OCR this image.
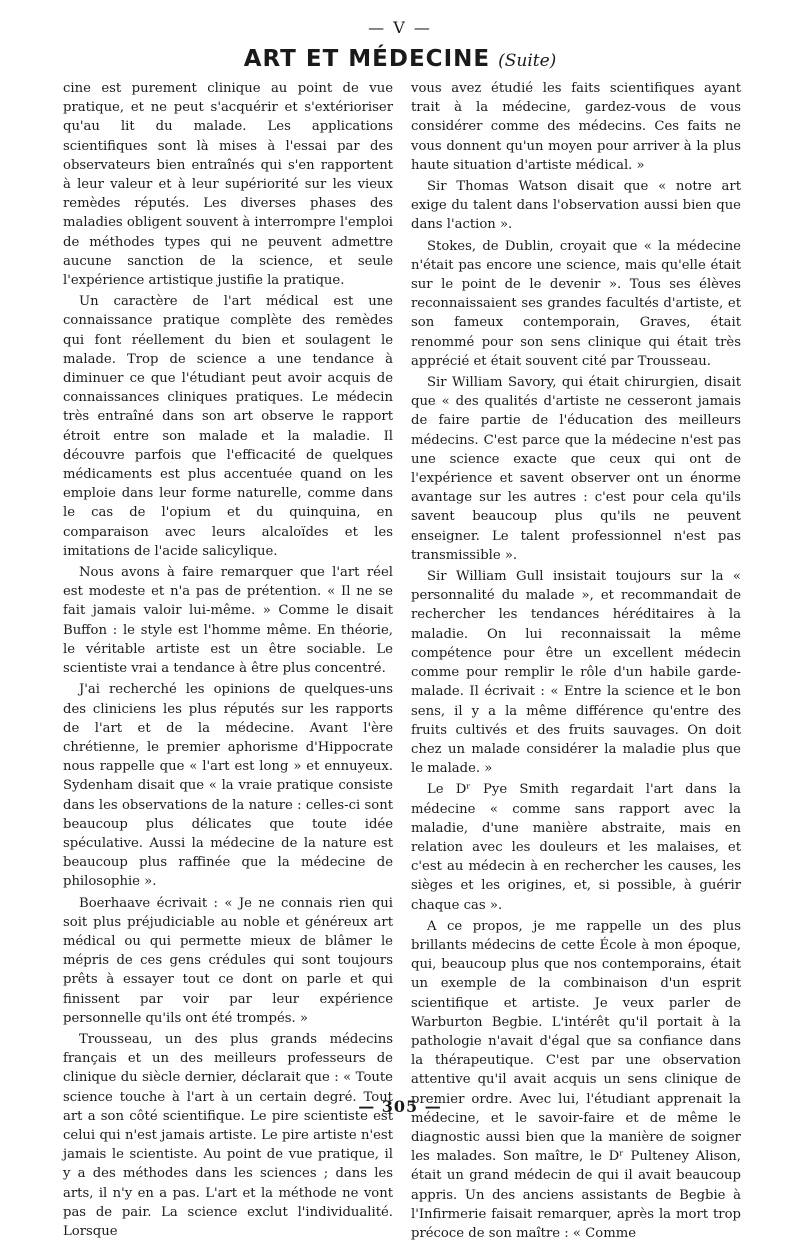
— V —
ART ET MÉDECINE (Suite)

cine est purement clinique au point de vue pratique, et ne peut s'acquérir et s'extérioriser qu'au lit du malade. Les applications scientifiques sont là mises à l'essai par des observateurs bien entraînés qui s'en rapportent à leur valeur et à leur supériorité sur les vieux remèdes réputés. Les diverses phases des maladies obligent souvent à interrompre l'emploi de méthodes types qui ne peuvent admettre aucune sanction de la science, et seule l'expérience artistique justifie la pratique.

Un caractère de l'art médical est une connaissance pratique complète des remèdes qui font réellement du bien et soulagent le malade. Trop de science a une tendance à diminuer ce que l'étudiant peut avoir acquis de connaissances cliniques pratiques. Le médecin très entraîné dans son art observe le rapport étroit entre son malade et la maladie. Il découvre parfois que l'efficacité de quelques médicaments est plus accentuée quand on les emploie dans leur forme naturelle, comme dans le cas de l'opium et du quinquina, en comparaison avec leurs alcaloïdes et les imitations de l'acide salicylique.

Nous avons à faire remarquer que l'art réel est modeste et n'a pas de prétention. « Il ne se fait jamais valoir lui-même. » Comme le disait Buffon : le style est l'homme même. En théorie, le véritable artiste est un être sociable. Le scientiste vrai a tendance à être plus concentré.

J'ai recherché les opinions de quelques-uns des cliniciens les plus réputés sur les rapports de l'art et de la médecine. Avant l'ère chrétienne, le premier aphorisme d'Hippocrate nous rappelle que « l'art est long » et ennuyeux. Sydenham disait que « la vraie pratique consiste dans les observations de la nature : celles-ci sont beaucoup plus délicates que toute idée spéculative. Aussi la médecine de la nature est beaucoup plus raffinée que la médecine de philosophie ».

Boerhaave écrivait : « Je ne connais rien qui soit plus préjudiciable au noble et généreux art médical ou qui permette mieux de blâmer le mépris de ces gens crédules qui sont toujours prêts à essayer tout ce dont on parle et qui finissent par voir par leur expérience personnelle qu'ils ont été trompés. »

Trousseau, un des plus grands médecins français et un des meilleurs professeurs de clinique du siècle dernier, déclarait que : « Toute science touche à l'art à un certain degré. Tout art a son côté scientifique. Le pire scientiste est celui qui n'est jamais artiste. Le pire artiste n'est jamais le scientiste. Au point de vue pratique, il y a des méthodes dans les sciences ; dans les arts, il n'y en a pas. L'art et la méthode ne vont pas de pair. La science exclut l'individualité. Lorsque

vous avez étudié les faits scientifiques ayant trait à la médecine, gardez-vous de vous considérer comme des médecins. Ces faits ne vous donnent qu'un moyen pour arriver à la plus haute situation d'artiste médical. »

Sir Thomas Watson disait que « notre art exige du talent dans l'observation aussi bien que dans l'action ».

Stokes, de Dublin, croyait que « la médecine n'était pas encore une science, mais qu'elle était sur le point de le devenir ». Tous ses élèves reconnaissaient ses grandes facultés d'artiste, et son fameux contemporain, Graves, était renommé pour son sens clinique qui était très apprécié et était souvent cité par Trousseau.

Sir William Savory, qui était chirurgien, disait que « des qualités d'artiste ne cesseront jamais de faire partie de l'éducation des meilleurs médecins. C'est parce que la médecine n'est pas une science exacte que ceux qui ont de l'expérience et savent observer ont un énorme avantage sur les autres : c'est pour cela qu'ils savent beaucoup plus qu'ils ne peuvent enseigner. Le talent professionnel n'est pas transmissible ».

Sir William Gull insistait toujours sur la « personnalité du malade », et recommandait de rechercher les tendances héréditaires à la maladie. On lui reconnaissait la même compétence pour être un excellent médecin comme pour remplir le rôle d'un habile garde-malade. Il écrivait : « Entre la science et le bon sens, il y a la même différence qu'entre des fruits cultivés et des fruits sauvages. On doit chez un malade considérer la maladie plus que le malade. »

Le Dʳ Pye Smith regardait l'art dans la médecine « comme sans rapport avec la maladie, d'une manière abstraite, mais en relation avec les douleurs et les malaises, et c'est au médecin à en rechercher les causes, les sièges et les origines, et, si possible, à guérir chaque cas ».

A ce propos, je me rappelle un des plus brillants médecins de cette École à mon époque, qui, beaucoup plus que nos contemporains, était un exemple de la combinaison d'un esprit scientifique et artiste. Je veux parler de Warburton Begbie. L'intérêt qu'il portait à la pathologie n'avait d'égal que sa confiance dans la thérapeutique. C'est par une observation attentive qu'il avait acquis un sens clinique de premier ordre. Avec lui, l'étudiant apprenait la médecine, et le savoir-faire et de même le diagnostic aussi bien que la manière de soigner les malades. Son maître, le Dʳ Pulteney Alison, était un grand médecin de qui il avait beaucoup appris. Un des anciens assistants de Begbie à l'Infirmerie faisait remarquer, après la mort trop précoce de son maître : « Comme

— 305 —
